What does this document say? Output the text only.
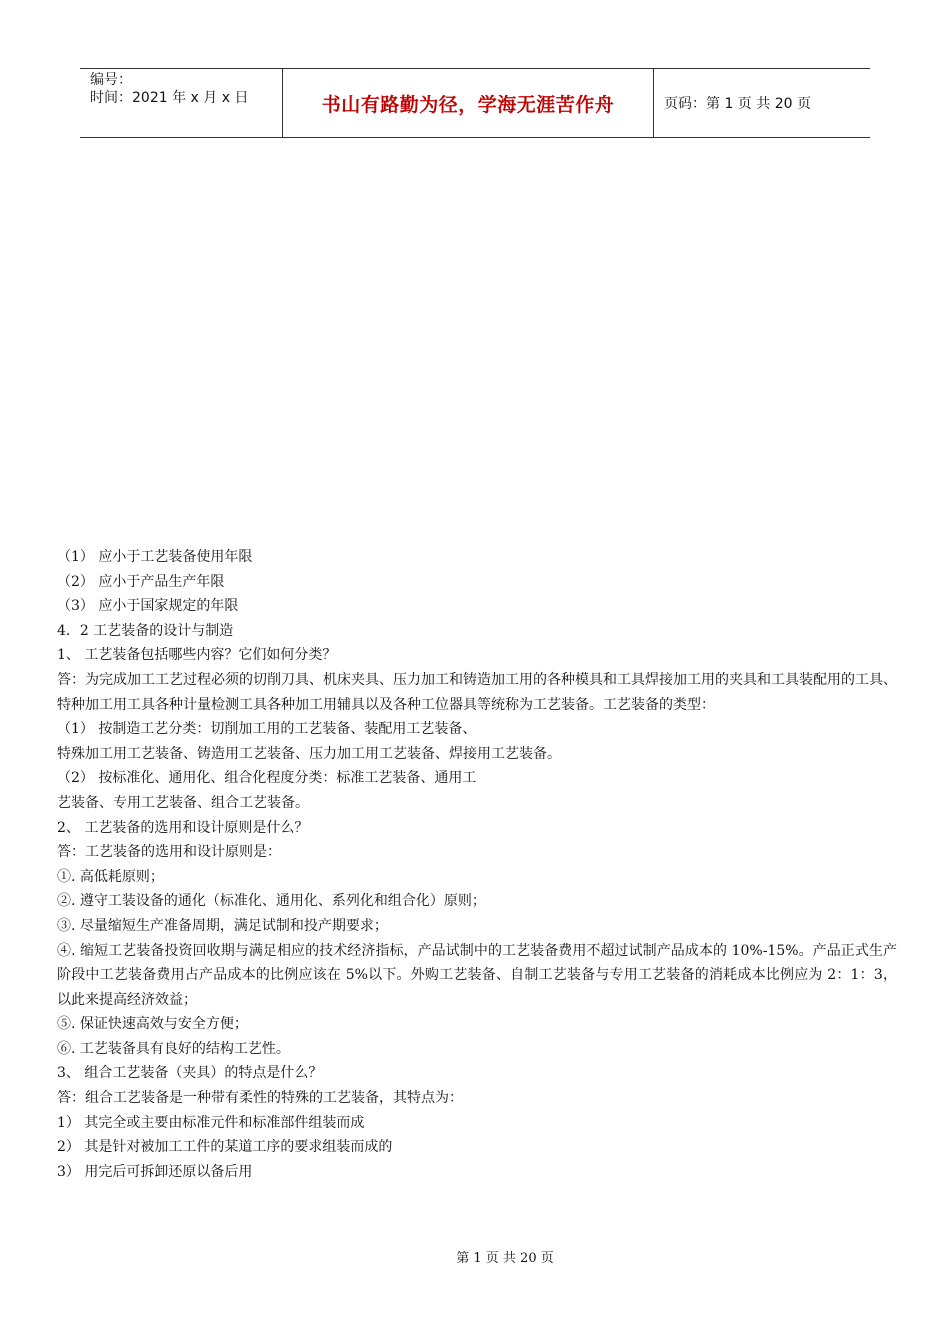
编号：
时间：2021 年 x 月 x 日	书山有路勤为径，学海无涯苦作舟	页码：第 1 页 共 20 页
（1） 应小于工艺装备使用年限
（2） 应小于产品生产年限
（3） 应小于国家规定的年限
4．2 工艺装备的设计与制造
1、 工艺装备包括哪些内容？它们如何分类？
答：为完成加工工艺过程必须的切削刀具、机床夹具、压力加工和铸造加工用的各种模具和工具焊接加工用的夹具和工具装配用的工具、特种加工用工具各种计量检测工具各种加工用辅具以及各种工位器具等统称为工艺装备。工艺装备的类型：
（1） 按制造工艺分类：切削加工用的工艺装备、装配用工艺装备、
特殊加工用工艺装备、铸造用工艺装备、压力加工用工艺装备、焊接用工艺装备。
（2） 按标准化、通用化、组合化程度分类：标准工艺装备、通用工
艺装备、专用工艺装备、组合工艺装备。
2、 工艺装备的选用和设计原则是什么？
答：工艺装备的选用和设计原则是：
①. 高低耗原则；
②. 遵守工装设备的通化（标准化、通用化、系列化和组合化）原则；
③. 尽量缩短生产准备周期，满足试制和投产期要求；
④. 缩短工艺装备投资回收期与满足相应的技术经济指标，产品试制中的工艺装备费用不超过试制产品成本的 10%-15%。产品正式生产阶段中工艺装备费用占产品成本的比例应该在 5%以下。外购工艺装备、自制工艺装备与专用工艺装备的消耗成本比例应为 2：1：3，以此来提高经济效益；
⑤. 保证快速高效与安全方便；
⑥. 工艺装备具有良好的结构工艺性。
3、 组合工艺装备（夹具）的特点是什么？
答：组合工艺装备是一种带有柔性的特殊的工艺装备，其特点为：
1） 其完全或主要由标准元件和标准部件组装而成
2） 其是针对被加工工件的某道工序的要求组装而成的
3） 用完后可拆卸还原以备后用
第 1 页 共 20 页
